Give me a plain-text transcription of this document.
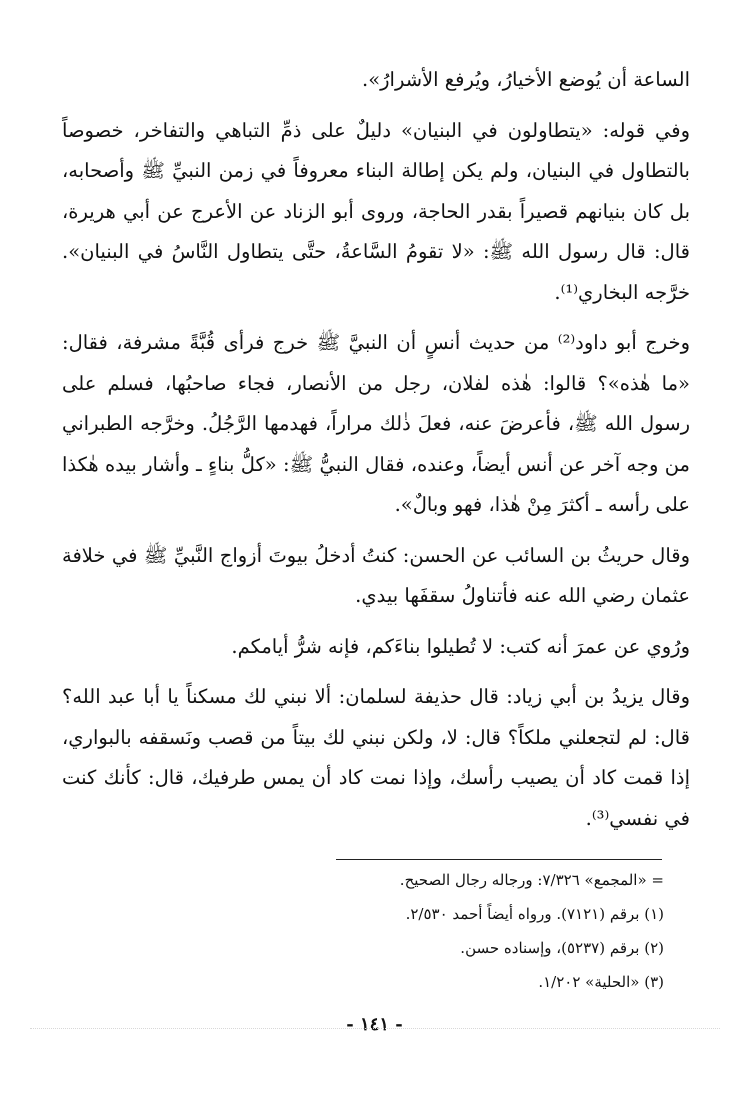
الساعة أن يُوضع الأخيارُ، ويُرفع الأشرارُ».

وفي قوله: «يتطاولون في البنيان» دليلٌ على ذمِّ التباهي والتفاخر، خصوصاً بالتطاول في البنيان، ولم يكن إطالة البناء معروفاً في زمن النبيِّ ﷺ وأصحابه، بل كان بنيانهم قصيراً بقدر الحاجة، وروى أبو الزناد عن الأعرج عن أبي هريرة، قال: قال رسول الله ﷺ: «لا تقومُ السَّاعةُ، حتَّى يتطاول النَّاسُ في البنيان». خرَّجه البخاري⁽¹⁾.

وخرج أبو داود⁽²⁾ من حديث أنسٍ أن النبيَّ ﷺ خرج فرأى قُبَّةً مشرفة، فقال: «ما هٰذه»؟ قالوا: هٰذه لفلان، رجل من الأنصار، فجاء صاحبُها، فسلم على رسول الله ﷺ، فأعرضَ عنه، فعلَ ذٰلك مراراً، فهدمها الرَّجُلُ. وخرَّجه الطبراني من وجه آخر عن أنس أيضاً، وعنده، فقال النبيُّ ﷺ: «كلُّ بناءٍ ـ وأشار بيده هٰكذا على رأسه ـ أكثرَ مِنْ هٰذا، فهو وبالٌ».

وقال حريثُ بن السائب عن الحسن: كنتُ أدخلُ بيوتَ أزواج النَّبيِّ ﷺ في خلافة عثمان رضي الله عنه فأتناولُ سقفَها بيدي.

ورُوي عن عمرَ أنه كتب: لا تُطيلوا بناءَكم، فإنه شرُّ أيامكم.

وقال يزيدُ بن أبي زياد: قال حذيفة لسلمان: ألا نبني لك مسكناً يا أبا عبد الله؟ قال: لم لتجعلني ملكاً؟ قال: لا، ولكن نبني لك بيتاً من قصب ونَسقفه بالبواري، إذا قمت كاد أن يصيب رأسك، وإذا نمت كاد أن يمس طرفيك، قال: كأنك كنت في نفسي⁽³⁾.

= «المجمع» ٧/٣٢٦: ورجاله رجال الصحيح.

(١) برقم (٧١٢١). ورواه أيضاً أحمد ٢/٥٣٠.

(٢) برقم (٥٢٣٧)، وإسناده حسن.

(٣) «الحلية» ١/٢٠٢.

- ١٤١ -
